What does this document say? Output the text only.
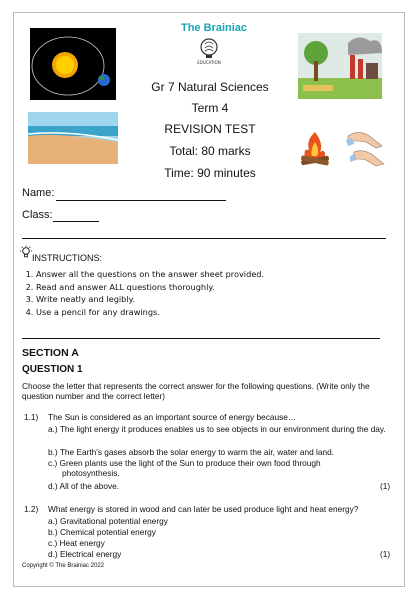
The Brainiac
EDUCATION
Gr 7 Natural Sciences
Term 4
REVISION TEST
Total: 80 marks
Time: 90 minutes
Name:
Class:
INSTRUCTIONS:
1. Answer all the questions on the answer sheet provided.
2. Read and answer ALL questions thoroughly.
3. Write neatly and legibly.
4. Use a pencil for any drawings.
SECTION A
QUESTION 1
Choose the letter that represents the correct answer for the following questions. (Write only the question number and the correct letter)
1.1) The Sun is considered as an important source of energy because…
a.) The light energy it produces enables us to see objects in our environment during the day.
b.) The Earth's gases absorb the solar energy to warm the air, water and land.
c.) Green plants use the light of the Sun to produce their own food through photosynthesis.
d.) All of the above.	(1)
1.2) What energy is stored in wood and can later be used produce light and heat energy?
a.) Gravitational potential energy
b.) Chemical potential energy
c.) Heat energy
d.) Electrical energy	(1)
Copyright © The Brainiac 2022
